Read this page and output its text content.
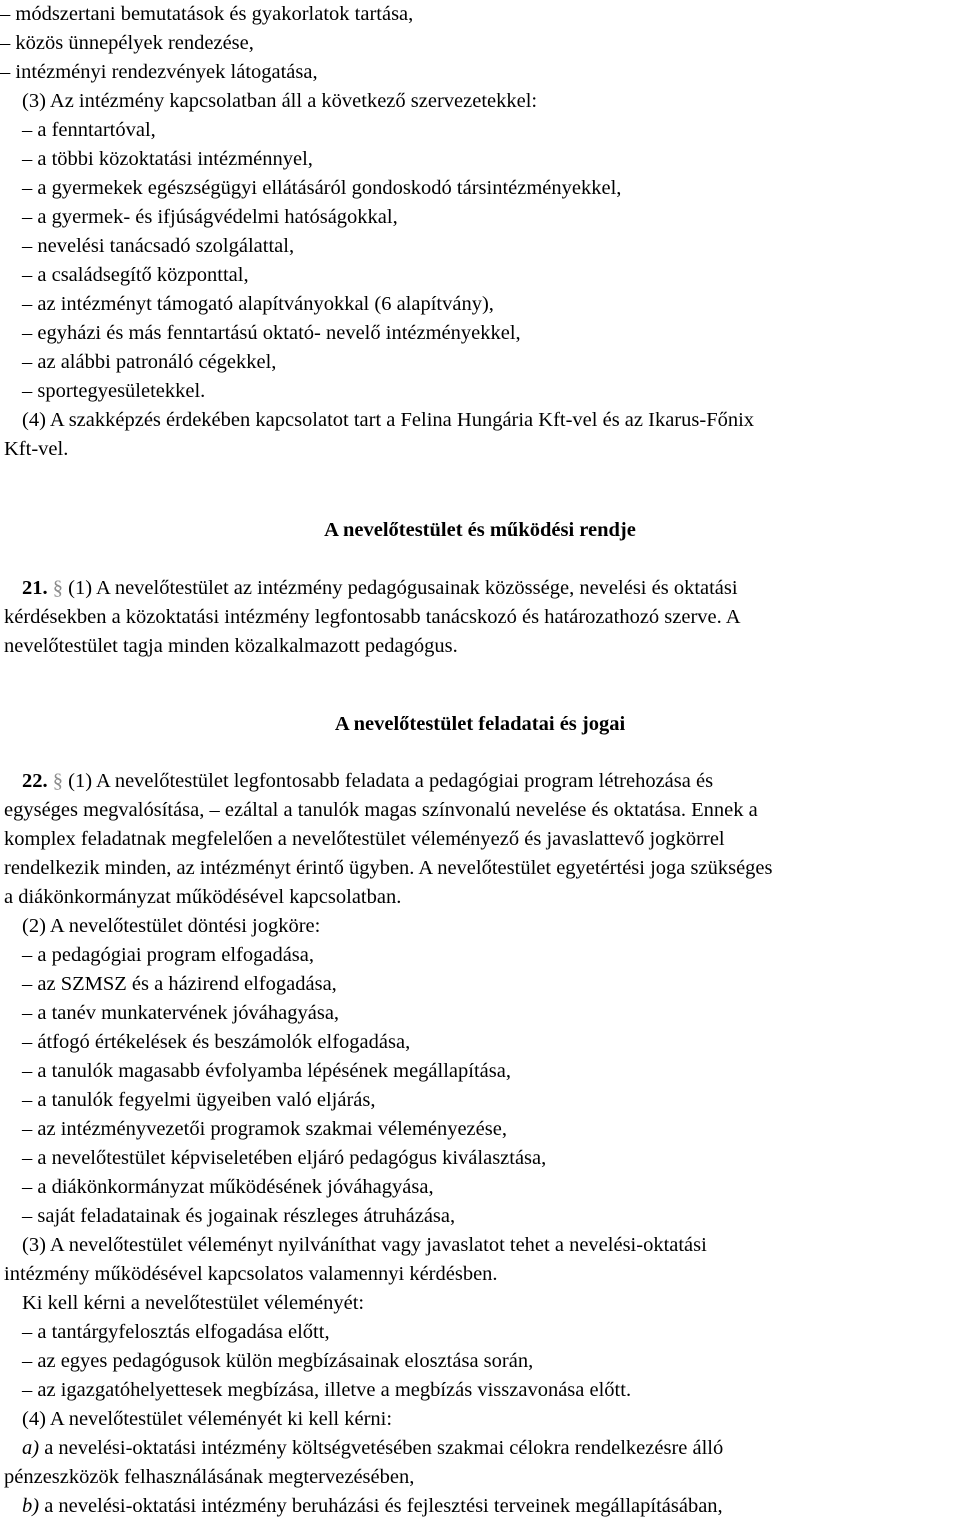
– módszertani bemutatások és gyakorlatok tartása,
– közös ünnepélyek rendezése,
– intézményi rendezvények látogatása,
(3) Az intézmény kapcsolatban áll a következő szervezetekkel:
– a fenntartóval,
– a többi közoktatási intézménnyel,
– a gyermekek egészségügyi ellátásáról gondoskodó társintézményekkel,
– a gyermek- és ifjúságvédelmi hatóságokkal,
– nevelési tanácsadó szolgálattal,
– a családsegítő központtal,
– az intézményt támogató alapítványokkal (6 alapítvány),
– egyházi és más fenntartású oktató- nevelő intézményekkel,
– az alábbi patronáló cégekkel,
– sportegyesületekkel.
(4) A szakképzés érdekében kapcsolatot tart a Felina Hungária Kft-vel és az Ikarus-Főnix
Kft-vel.
A nevelőtestület és működési rendje
21. § (1) A nevelőtestület az intézmény pedagógusainak közössége, nevelési és oktatási
kérdésekben a közoktatási intézmény legfontosabb tanácskozó és határozathozó szerve. A
nevelőtestület tagja minden közalkalmazott pedagógus.
A nevelőtestület feladatai és jogai
22. § (1) A nevelőtestület legfontosabb feladata a pedagógiai program létrehozása és
egységes megvalósítása, – ezáltal a tanulók magas színvonalú nevelése és oktatása. Ennek a
komplex feladatnak megfelelően a nevelőtestület véleményező és javaslattevő jogkörrel
rendelkezik minden, az intézményt érintő ügyben. A nevelőtestület egyetértési joga szükséges
a diákönkormányzat működésével kapcsolatban.
(2) A nevelőtestület döntési jogköre:
– a pedagógiai program elfogadása,
– az SZMSZ és a házirend elfogadása,
– a tanév munkatervének jóváhagyása,
– átfogó értékelések és beszámolók elfogadása,
– a tanulók magasabb évfolyamba lépésének megállapítása,
– a tanulók fegyelmi ügyeiben való eljárás,
– az intézményvezetői programok szakmai véleményezése,
– a nevelőtestület képviseletében eljáró pedagógus kiválasztása,
– a diákönkormányzat működésének jóváhagyása,
– saját feladatainak és jogainak részleges átruházása,
(3) A nevelőtestület véleményt nyilváníthat vagy javaslatot tehet a nevelési-oktatási
intézmény működésével kapcsolatos valamennyi kérdésben.
Ki kell kérni a nevelőtestület véleményét:
– a tantárgyfelosztás elfogadása előtt,
– az egyes pedagógusok külön megbízásainak elosztása során,
– az igazgatóhelyettesek megbízása, illetve a megbízás visszavonása előtt.
(4) A nevelőtestület véleményét ki kell kérni:
a) a nevelési-oktatási intézmény költségvetésében szakmai célokra rendelkezésre álló
pénzeszközök felhasználásának megtervezésében,
b) a nevelési-oktatási intézmény beruházási és fejlesztési terveinek megállapításában,
